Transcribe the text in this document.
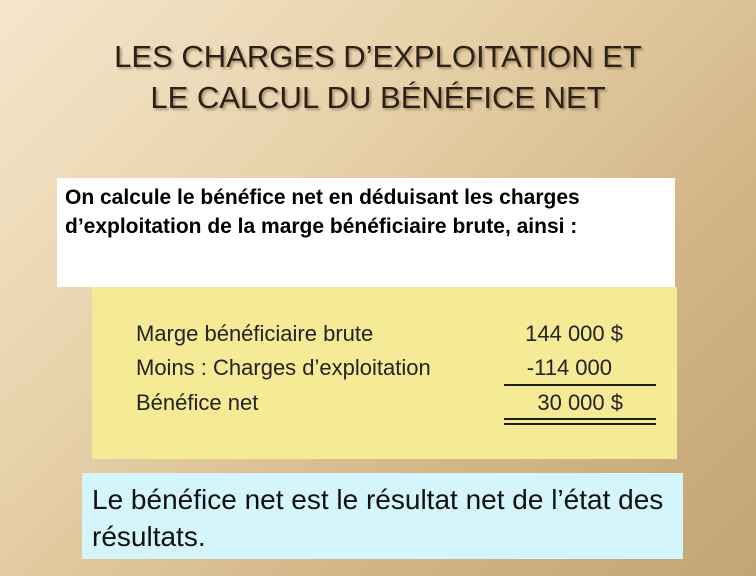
LES CHARGES D’EXPLOITATION ET
LE CALCUL DU BÉNÉFICE NET

On calcule le bénéfice net en déduisant les charges d’exploitation de la marge bénéficiaire brute, ainsi :

Marge bénéficiaire brute	144 000 $
Moins : Charges d’exploitation	-114 000
Bénéfice net	30 000 $

Le bénéfice net est le résultat net de l’état des résultats.
